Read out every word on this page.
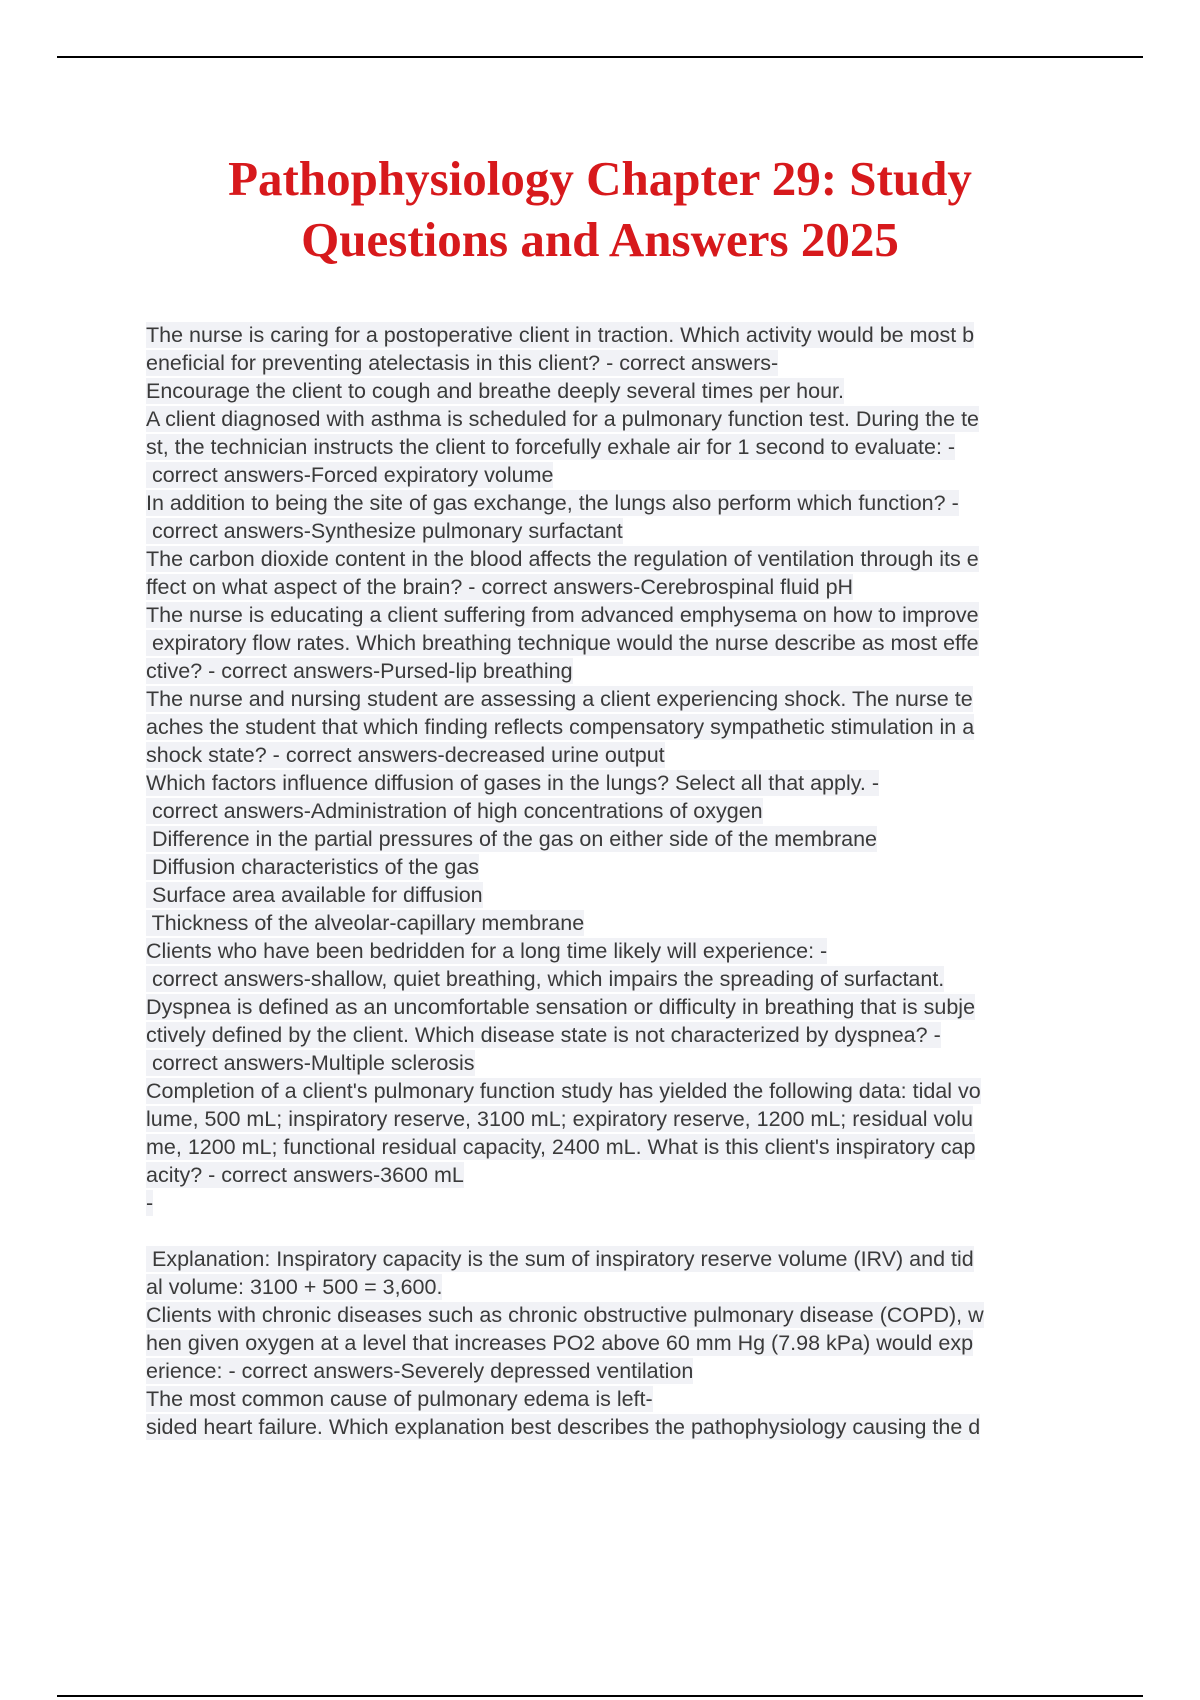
Pathophysiology Chapter 29: Study
Questions and Answers 2025
The nurse is caring for a postoperative client in traction. Which activity would be most b
eneficial for preventing atelectasis in this client? - correct answers-
Encourage the client to cough and breathe deeply several times per hour.
A client diagnosed with asthma is scheduled for a pulmonary function test. During the te
st, the technician instructs the client to forcefully exhale air for 1 second to evaluate: -
correct answers-Forced expiratory volume
In addition to being the site of gas exchange, the lungs also perform which function? -
correct answers-Synthesize pulmonary surfactant
The carbon dioxide content in the blood affects the regulation of ventilation through its e
ffect on what aspect of the brain? - correct answers-Cerebrospinal fluid pH
The nurse is educating a client suffering from advanced emphysema on how to improve
expiratory flow rates. Which breathing technique would the nurse describe as most effe
ctive? - correct answers-Pursed-lip breathing
The nurse and nursing student are assessing a client experiencing shock. The nurse te
aches the student that which finding reflects compensatory sympathetic stimulation in a
shock state? - correct answers-decreased urine output
Which factors influence diffusion of gases in the lungs? Select all that apply. -
correct answers-Administration of high concentrations of oxygen
Difference in the partial pressures of the gas on either side of the membrane
Diffusion characteristics of the gas
Surface area available for diffusion
Thickness of the alveolar-capillary membrane
Clients who have been bedridden for a long time likely will experience: -
correct answers-shallow, quiet breathing, which impairs the spreading of surfactant.
Dyspnea is defined as an uncomfortable sensation or difficulty in breathing that is subje
ctively defined by the client. Which disease state is not characterized by dyspnea? -
correct answers-Multiple sclerosis
Completion of a client's pulmonary function study has yielded the following data: tidal vo
lume, 500 mL; inspiratory reserve, 3100 mL; expiratory reserve, 1200 mL; residual volu
me, 1200 mL; functional residual capacity, 2400 mL. What is this client's inspiratory cap
acity? - correct answers-3600 mL
-
Explanation: Inspiratory capacity is the sum of inspiratory reserve volume (IRV) and tid
al volume: 3100 + 500 = 3,600.
Clients with chronic diseases such as chronic obstructive pulmonary disease (COPD), w
hen given oxygen at a level that increases PO2 above 60 mm Hg (7.98 kPa) would exp
erience: - correct answers-Severely depressed ventilation
The most common cause of pulmonary edema is left-
sided heart failure. Which explanation best describes the pathophysiology causing the d
